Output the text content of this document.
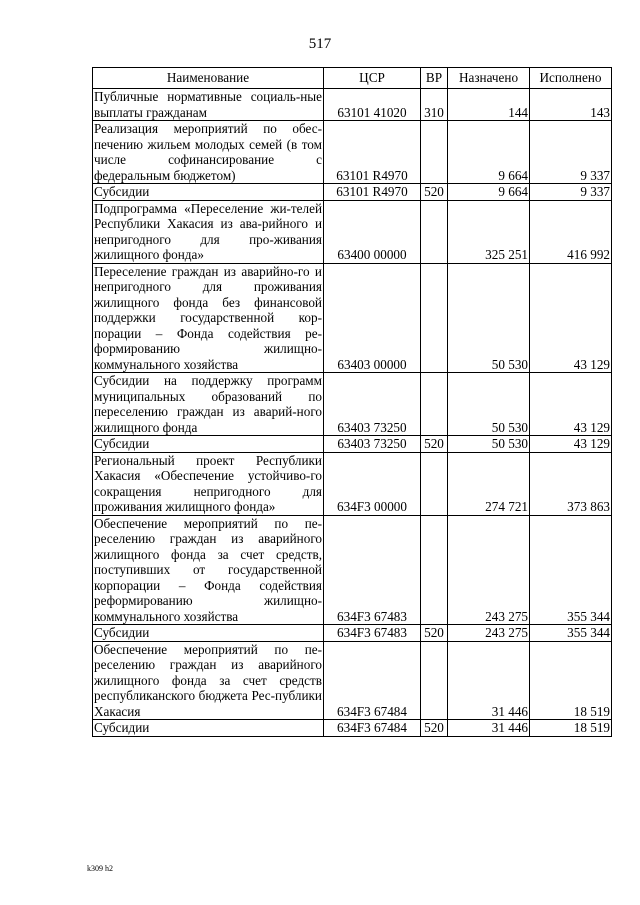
517
Наименование	ЦСР	ВР	Назначено	Исполнено
Публичные нормативные социаль-ные выплаты гражданам	63101 41020	310	144	143
Реализация мероприятий по обес-печению жильем молодых семей (в том числе софинансирование с федеральным бюджетом)	63101 R4970		9 664	9 337
Субсидии	63101 R4970	520	9 664	9 337
Подпрограмма «Переселение жи-телей Республики Хакасия из ава-рийного и непригодного для про-живания жилищного фонда»	63400 00000		325 251	416 992
Переселение граждан из аварийно-го и непригодного для проживания жилищного фонда без финансовой поддержки государственной кор-порации – Фонда содействия ре-формированию жилищно-коммунального хозяйства	63403 00000		50 530	43 129
Субсидии на поддержку программ муниципальных образований по переселению граждан из аварий-ного жилищного фонда	63403 73250		50 530	43 129
Субсидии	63403 73250	520	50 530	43 129
Региональный проект Республики Хакасия «Обеспечение устойчиво-го сокращения непригодного для проживания жилищного фонда»	634F3 00000		274 721	373 863
Обеспечение мероприятий по пе-реселению граждан из аварийного жилищного фонда за счет средств, поступивших от государственной корпорации – Фонда содействия реформированию жилищно-коммунального хозяйства	634F3 67483		243 275	355 344
Субсидии	634F3 67483	520	243 275	355 344
Обеспечение мероприятий по пе-реселению граждан из аварийного жилищного фонда за счет средств республиканского бюджета Рес-публики Хакасия	634F3 67484		31 446	18 519
Субсидии	634F3 67484	520	31 446	18 519
k309 h2
